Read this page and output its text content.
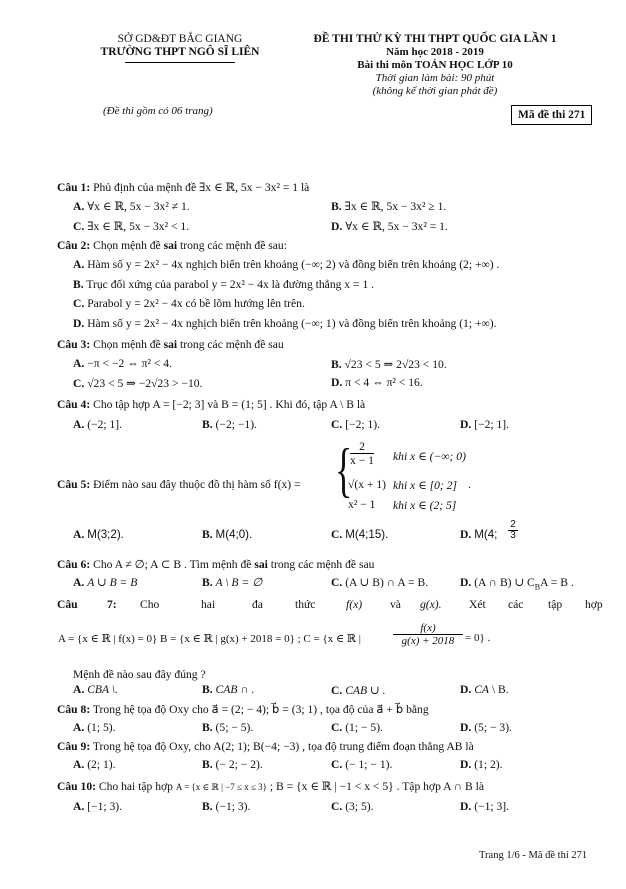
SỞ GD&ĐT BẮC GIANG
TRƯỜNG THPT NGÔ SĨ LIÊN
ĐỀ THI THỬ KỲ THI THPT QUỐC GIA LẦN 1
Năm học 2018 - 2019
Bài thi môn TOÁN HỌC LỚP 10
Thời gian làm bài: 90 phút
(không kể thời gian phát đề)
(Đề thi gồm có 06 trang)	Mã đề thi 271
Câu 1: Phủ định của mệnh đề ∃x ∈ ℝ, 5x − 3x² = 1 là
A. ∀x ∈ ℝ, 5x − 3x² ≠ 1.	B. ∃x ∈ ℝ, 5x − 3x² ≥ 1.
C. ∃x ∈ ℝ, 5x − 3x² < 1.	D. ∀x ∈ ℝ, 5x − 3x² = 1.
Câu 2: Chọn mệnh đề sai trong các mệnh đề sau:
A. Hàm số y = 2x² − 4x nghịch biến trên khoảng (−∞; 2) và đồng biến trên khoảng (2; +∞) .
B. Trục đối xứng của parabol y = 2x² − 4x là đường thẳng x = 1 .
C. Parabol y = 2x² − 4x có bề lõm hướng lên trên.
D. Hàm số y = 2x² − 4x nghịch biến trên khoảng (−∞; 1) và đồng biến trên khoảng (1; +∞).
Câu 3: Chọn mệnh đề sai trong các mệnh đề sau
A. −π < −2 ⇔ π² < 4.	B. √23 < 5 ⇒ 2√23 < 10.
C. √23 < 5 ⇒ −2√23 > −10.	D. π < 4 ⇔ π² < 16.
Câu 4: Cho tập hợp A = [−2; 3] và B = (1; 5] . Khi đó, tập A \ B là
A. (−2; 1].	B. (−2; −1).	C. [−2; 1).	D. [−2; 1].
Câu 5: Điểm nào sau đây thuộc đồ thị hàm số f(x) = {
$\frac{2}{x - 1}$ khi x ∈ (−∞; 0)
√(x + 1) khi x ∈ [0; 2]
x² − 1 khi x ∈ (2; 5]
.
A. M(3;2).	B. M(4;0).	C. M(4;15).	D. M(4; $\frac{2}{3}$
Câu 6: Cho A ≠ ∅; A ⊂ B . Tìm mệnh đề sai trong các mệnh đề sau
A. A ∪ B = B	B. A \ B = ∅	C. (A ∪ B) ∩ A = B.	D. (A ∩ B) ∪ $C_BA = B$ .
Câu	7: Cho	hai	đa	thức	f(x) và g(x). Xét các tập hợp
A = {x ∈ ℝ | f(x) = 0} B = {x ∈ ℝ | g(x) + 2018 = 0} ; C = {x ∈ ℝ |	$\frac{f(x)}{g(x) + 2018} = 0$} .
Mệnh đề nào sau đây đúng ?
A. CBA \.	B. CAB ∩ .	C. CAB ∪ .	D. CA \ B.
Câu 8: Trong hệ tọa độ Oxy cho a⃗ = (2; − 4); b⃗ = (3; 1) , tọa độ của a⃗ + b⃗ bằng
A. (1; 5).	B. (5; − 5).	C. (1; − 5).	D. (5; − 3).
Câu 9: Trong hệ tọa độ Oxy, cho A(2; 1); B(−4; −3) , tọa độ trung điểm đoạn thẳng AB là
A. (2; 1).	B. (− 2; − 2).	C. (− 1; − 1).	D. (1; 2).
Câu 10: Cho hai tập hợp A = {x ∈ ℝ | −7 ≤ x ≤ 3} ; B = {x ∈ ℝ | −1 < x < 5} . Tập hợp A ∩ B là
A. [−1; 3).	B. (−1; 3).	C. (3; 5).	D. (−1; 3].
Trang 1/6 - Mã đề thi 271
